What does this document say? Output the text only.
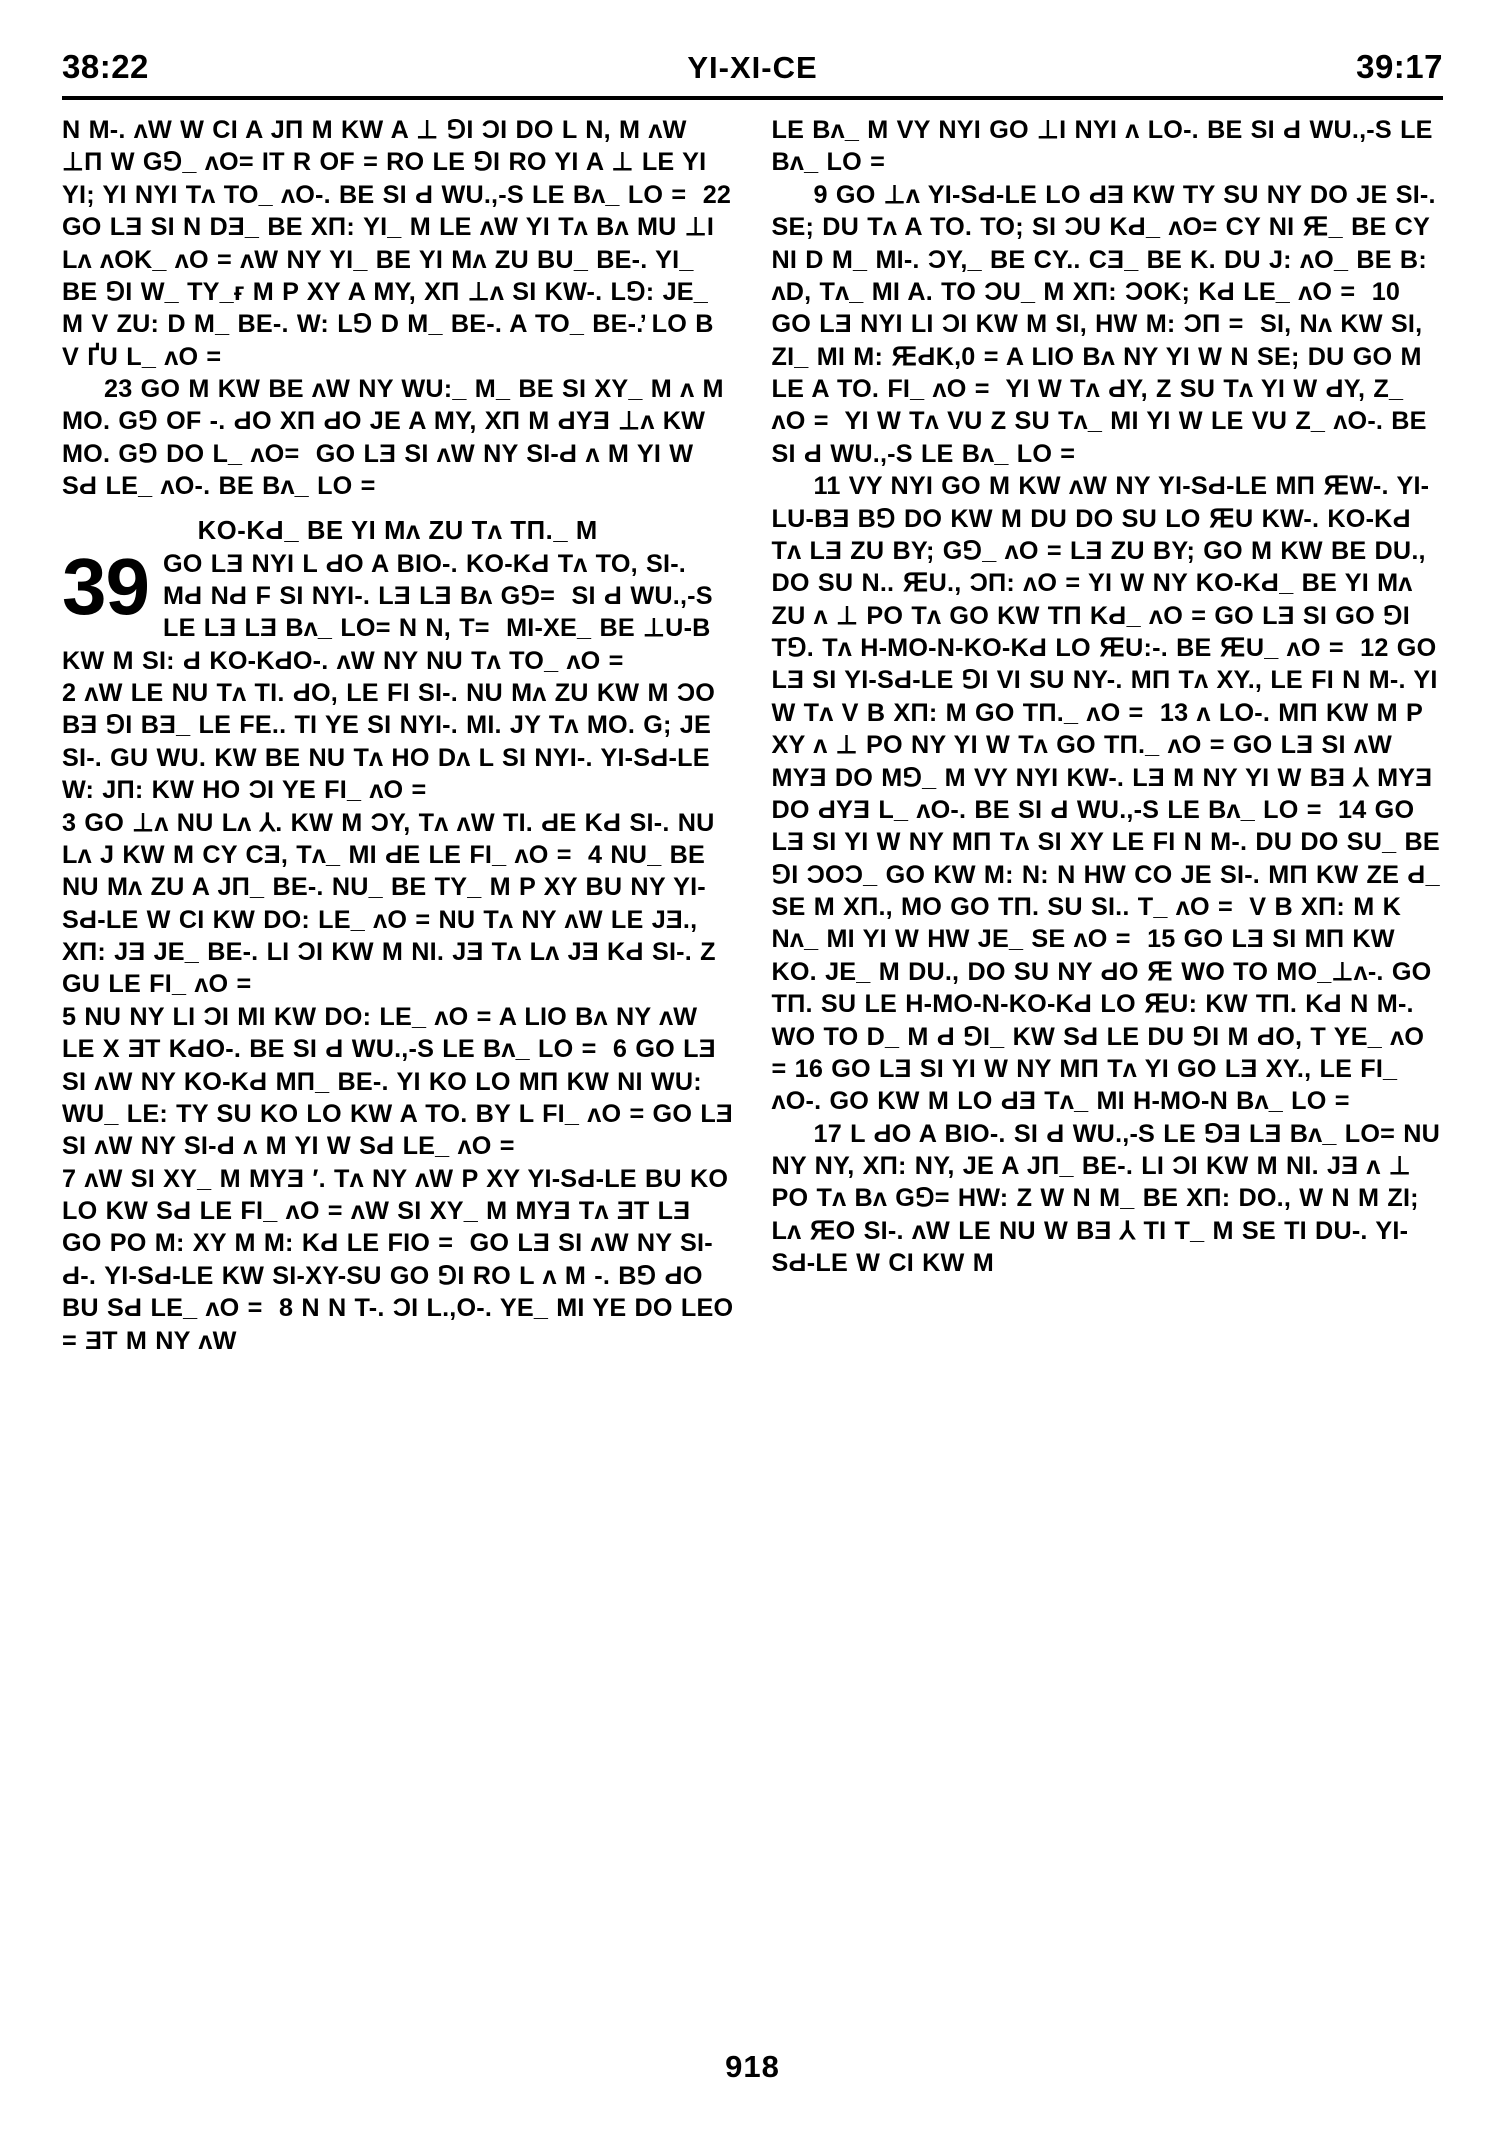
38:22	YI-XI-CE	39:17

N M-. ʌW W CI A JΠ M KW A ⊥ ⅁I ƆI DO L N, M ʌW ⊥Π W G⅁_ ʌO= IT R OF = RO LE ⅁I RO YI A ⊥ LE YI YI; YI NYI Tʌ TO_ ʌO-. BE SI Ԁ WU.,-S LE Bʌ_ LO =  22 GO LƎ SI N DƎ_ BE XΠ: YI_ M LE ʌW YI Tʌ Bʌ MU ⊥I Lʌ ʌOK_ ʌO = ʌW NY YI_ BE YI Mʌ ZU BU_ BE-. YI_ BE ⅁I W_ TY_ғ M P XY A MY, XΠ ⊥ʌ SI KW-. L⅁: JE_ M V ZU: D M_ BE-. W: L⅁ D M_ BE-. A TO_ BE-.̓ LO B V ҐU L_ ʌO =

23 GO M KW BE ʌW NY WU:_ M_ BE SI XY_ M ʌ M MO. G⅁ OF -. ԀO XΠ ԀO JE A MY, XΠ M ԀYƎ ⊥ʌ KW MO. G⅁ DO L_ ʌO=  GO LƎ SI ʌW NY SI-Ԁ ʌ M YI W SԀ LE_ ʌO-. BE Bʌ_ LO =

KO-KԀ_ BE YI Mʌ ZU Tʌ TΠ._ M
39 GO LƎ NYI L ԀO A BIO-. KO-KԀ Tʌ TO, SI-. MԀ NԀ F SI NYI-. LƎ LƎ Bʌ G⅁=  SI Ԁ WU.,-S LE LƎ LƎ Bʌ_ LO= N N, T=  MI-XE_ BE ⊥U-B KW M SI: Ԁ KO-KԀO-. ʌW NY NU Tʌ TO_ ʌO =

2 ʌW LE NU Tʌ TI. ԀO, LE FI SI-. NU Mʌ ZU KW M ƆO BƎ ⅁I BƎ_ LE FE.. TI YE SI NYI-. MI. JY Tʌ MO. G; JE SI-. GU WU. KW BE NU Tʌ HO Dʌ L SI NYI-. YI-SԀ-LE W: JΠ: KW HO ƆI YE FI_ ʌO =

3 GO ⊥ʌ NU Lʌ ⅄. KW M ƆY, Tʌ ʌW TI. ԀE KԀ SI-. NU Lʌ J KW M CY CƎ, Tʌ_ MI ԀE LE FI_ ʌO =  4 NU_ BE NU Mʌ ZU A JΠ_ BE-. NU_ BE TY_ M P XY BU NY YI-SԀ-LE W CI KW DO: LE_ ʌO = NU Tʌ NY ʌW LE JƎ., XΠ: JƎ JE_ BE-. LI ƆI KW M NI. JƎ Tʌ Lʌ JƎ KԀ SI-. Z GU LE FI_ ʌO =

5 NU NY LI ƆI MI KW DO: LE_ ʌO = A LIO Bʌ NY ʌW LE X ƎT KԀO-. BE SI Ԁ WU.,-S LE Bʌ_ LO =  6 GO LƎ SI ʌW NY KO-KԀ MΠ_ BE-. YI KO LO MΠ KW NI WU: WU_ LE: TY SU KO LO KW A TO. BY L FI_ ʌO = GO LƎ SI ʌW NY SI-Ԁ ʌ M YI W SԀ LE_ ʌO =

7 ʌW SI XY_ M MYƎ ′. Tʌ NY ʌW P XY YI-SԀ-LE BU KO LO KW SԀ LE FI_ ʌO = ʌW SI XY_ M MYƎ Tʌ ƎT LƎ GO PO M: XY M M: KԀ LE FIO =  GO LƎ SI ʌW NY SI-Ԁ-. YI-SԀ-LE KW SI-XY-SU GO ⅁I RO L ʌ M -. B⅁ ԀO BU SԀ LE_ ʌO =  8 N N T-. ƆI L.,O-. YE_ MI YE DO LEO = ƎT M NY ʌW

LE Bʌ_ M VY NYI GO ⊥I NYI ʌ LO-. BE SI Ԁ WU.,-S LE Bʌ_ LO =

9 GO ⊥ʌ YI-SԀ-LE LO ԀƎ KW TY SU NY DO JE SI-. SE; DU Tʌ A TO. TO; SI ƆU KԀ_ ʌO= CY NI Ԙ_ BE CY NI D M_ MI-. ƆY,_ BE CY.. CƎ_ BE K. DU J: ʌO_ BE B: ʌD, Tʌ_ MI A. TO ƆU_ M XΠ: ƆOK; KԀ LE_ ʌO =  10 GO LƎ NYI LI ƆI KW M SI, HW M: ƆΠ =  SI, Nʌ KW SI, ZI_ MI M: ԘԀK,0 = A LIO Bʌ NY YI W N SE; DU GO M LE A TO. FI_ ʌO =  YI W Tʌ ԀY, Z SU Tʌ YI W ԀY, Z_ ʌO =  YI W Tʌ VU Z SU Tʌ_ MI YI W LE VU Z_ ʌO-. BE SI Ԁ WU.,-S LE Bʌ_ LO =

11 VY NYI GO M KW ʌW NY YI-SԀ-LE MΠ ԘW-. YI-LU-BƎ B⅁ DO KW M DU DO SU LO ԘU KW-. KO-KԀ Tʌ LƎ ZU BY; G⅁_ ʌO = LƎ ZU BY; GO M KW BE DU., DO SU N.. ԘU., ƆΠ: ʌO = YI W NY KO-KԀ_ BE YI Mʌ ZU ʌ ⊥ PO Tʌ GO KW TΠ KԀ_ ʌO = GO LƎ SI GO ⅁I T⅁. Tʌ H-MO-N-KO-KԀ LO ԘU:-. BE ԘU_ ʌO =  12 GO LƎ SI YI-SԀ-LE ⅁I VI SU NY-. MΠ Tʌ XY., LE FI N M-. YI W Tʌ V B XΠ: M GO TΠ._ ʌO =  13 ʌ LO-. MΠ KW M P XY ʌ ⊥ PO NY YI W Tʌ GO TΠ._ ʌO = GO LƎ SI ʌW MYƎ DO M⅁_ M VY NYI KW-. LƎ M NY YI W BƎ ⅄ MYƎ DO ԀYƎ L_ ʌO-. BE SI Ԁ WU.,-S LE Bʌ_ LO =  14 GO LƎ SI YI W NY MΠ Tʌ SI XY LE FI N M-. DU DO SU_ BE ⅁I ƆOƆ_ GO KW M: N: N HW CO JE SI-. MΠ KW ZE Ԁ_ SE M XΠ., MO GO TΠ. SU SI.. T_ ʌO =  V B XΠ: M K Nʌ_ MI YI W HW JE_ SE ʌO =  15 GO LƎ SI MΠ KW KO. JE_ M DU., DO SU NY ԀO Ԙ WO TO MO_⊥ʌ-. GO TΠ. SU LE H-MO-N-KO-KԀ LO ԘU: KW TΠ. KԀ N M-. WO TO D_ M Ԁ ⅁I_ KW SԀ LE DU ⅁I M ԀO, T YE_ ʌO = 16 GO LƎ SI YI W NY MΠ Tʌ YI GO LƎ XY., LE FI_ ʌO-. GO KW M LO ԀƎ Tʌ_ MI H-MO-N Bʌ_ LO =

17 L ԀO A BIO-. SI Ԁ WU.,-S LE ⅁Ǝ LƎ Bʌ_ LO= NU NY NY, XΠ: NY, JE A JΠ_ BE-. LI ƆI KW M NI. JƎ ʌ ⊥ PO Tʌ Bʌ G⅁= HW: Z W N M_ BE XΠ: DO., W N M ZI; Lʌ ԘO SI-. ʌW LE NU W BƎ ⅄ TI T_ M SE TI DU-. YI-SԀ-LE W CI KW M

918
